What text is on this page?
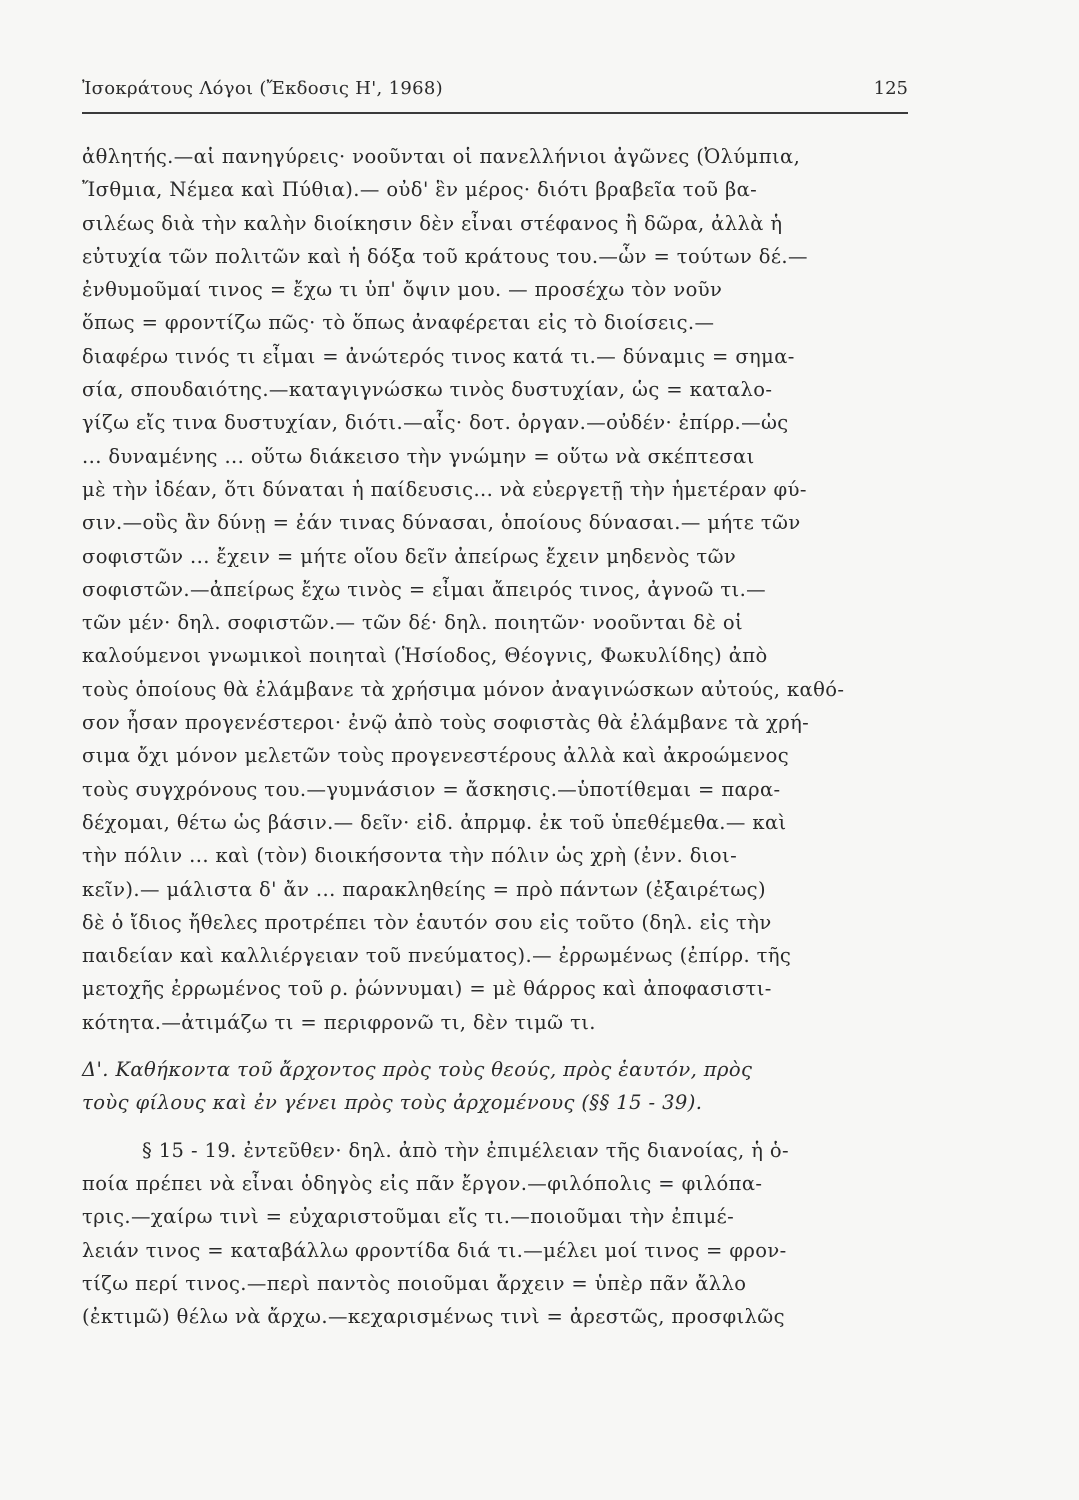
Ἰσοκράτους Λόγοι (Ἔκδοσις Η', 1968)	125
ἀθλητής.—αἱ πανηγύρεις· νοοῦνται οἱ πανελλήνιοι ἀγῶνες (Ὀλύμπια,
Ἴσθμια, Νέμεα καὶ Πύθια).— οὐδ' ἓν μέρος· διότι βραβεῖα τοῦ βα-
σιλέως διὰ τὴν καλὴν διοίκησιν δὲν εἶναι στέφανος ἢ δῶρα, ἀλλὰ ἡ
εὐτυχία τῶν πολιτῶν καὶ ἡ δόξα τοῦ κράτους του.—ὧν = τούτων δέ.—
ἐνθυμοῦμαί τινος = ἔχω τι ὑπ' ὄψιν μου. — προσέχω τὸν νοῦν
ὅπως = φροντίζω πῶς· τὸ ὅπως ἀναφέρεται εἰς τὸ διοίσεις.—
διαφέρω τινός τι εἶμαι = ἀνώτερός τινος κατά τι.— δύναμις = σημα-
σία, σπουδαιότης.—καταγιγνώσκω τινὸς δυστυχίαν, ὡς = καταλο-
γίζω εἴς τινα δυστυχίαν, διότι.—αἷς· δοτ. ὀργαν.—οὐδέν· ἐπίρρ.—ὡς
... δυναμένης ... οὕτω διάκεισο τὴν γνώμην = οὕτω νὰ σκέπτεσαι
μὲ τὴν ἰδέαν, ὅτι δύναται ἡ παίδευσις... νὰ εὐεργετῇ τὴν ἡμετέραν φύ-
σιν.—οὓς ἂν δύνῃ = ἐάν τινας δύνασαι, ὁποίους δύνασαι.— μήτε τῶν
σοφιστῶν ... ἔχειν = μήτε οἵου δεῖν ἀπείρως ἔχειν μηδενὸς τῶν
σοφιστῶν.—ἀπείρως ἔχω τινὸς = εἶμαι ἄπειρός τινος, ἀγνοῶ τι.—
τῶν μέν· δηλ. σοφιστῶν.— τῶν δέ· δηλ. ποιητῶν· νοοῦνται δὲ οἱ
καλούμενοι γνωμικοὶ ποιηταὶ (Ἡσίοδος, Θέογνις, Φωκυλίδης) ἀπὸ
τοὺς ὁποίους θὰ ἐλάμβανε τὰ χρήσιμα μόνον ἀναγινώσκων αὐτούς, καθό-
σον ἦσαν προγενέστεροι· ἐνῷ ἀπὸ τοὺς σοφιστὰς θὰ ἐλάμβανε τὰ χρή-
σιμα ὄχι μόνον μελετῶν τοὺς προγενεστέρους ἀλλὰ καὶ ἀκροώμενος
τοὺς συγχρόνους του.—γυμνάσιον = ἄσκησις.—ὑποτίθεμαι = παρα-
δέχομαι, θέτω ὡς βάσιν.— δεῖν· εἰδ. ἀπρμφ. ἐκ τοῦ ὑπεθέμεθα.— καὶ
τὴν πόλιν ... καὶ (τὸν) διοικήσοντα τὴν πόλιν ὡς χρὴ (ἐνν. διοι-
κεῖν).— μάλιστα δ' ἄν ... παρακληθείης = πρὸ πάντων (ἐξαιρέτως)
δὲ ὁ ἴδιος ἤθελες προτρέπει τὸν ἑαυτόν σου εἰς τοῦτο (δηλ. εἰς τὴν
παιδείαν καὶ καλλιέργειαν τοῦ πνεύματος).— ἐρρωμένως (ἐπίρρ. τῆς
μετοχῆς ἐρρωμένος τοῦ ρ. ῥώννυμαι) = μὲ θάρρος καὶ ἀποφασιστι-
κότητα.—ἀτιμάζω τι = περιφρονῶ τι, δὲν τιμῶ τι.
Δ'. Καθήκοντα τοῦ ἄρχοντος πρὸς τοὺς θεούς, πρὸς ἑαυτόν, πρὸς
τοὺς φίλους καὶ ἐν γένει πρὸς τοὺς ἀρχομένους (§§ 15 - 39).
§ 15 - 19. ἐντεῦθεν· δηλ. ἀπὸ τὴν ἐπιμέλειαν τῆς διανοίας, ἡ ὁ-
ποία πρέπει νὰ εἶναι ὁδηγὸς εἰς πᾶν ἔργον.—φιλόπολις = φιλόπα-
τρις.—χαίρω τινὶ = εὐχαριστοῦμαι εἴς τι.—ποιοῦμαι τὴν ἐπιμέ-
λειάν τινος = καταβάλλω φροντίδα διά τι.—μέλει μοί τινος = φρον-
τίζω περί τινος.—περὶ παντὸς ποιοῦμαι ἄρχειν = ὑπὲρ πᾶν ἄλλο
(ἐκτιμῶ) θέλω νὰ ἄρχω.—κεχαρισμένως τινὶ = ἀρεστῶς, προσφιλῶς
